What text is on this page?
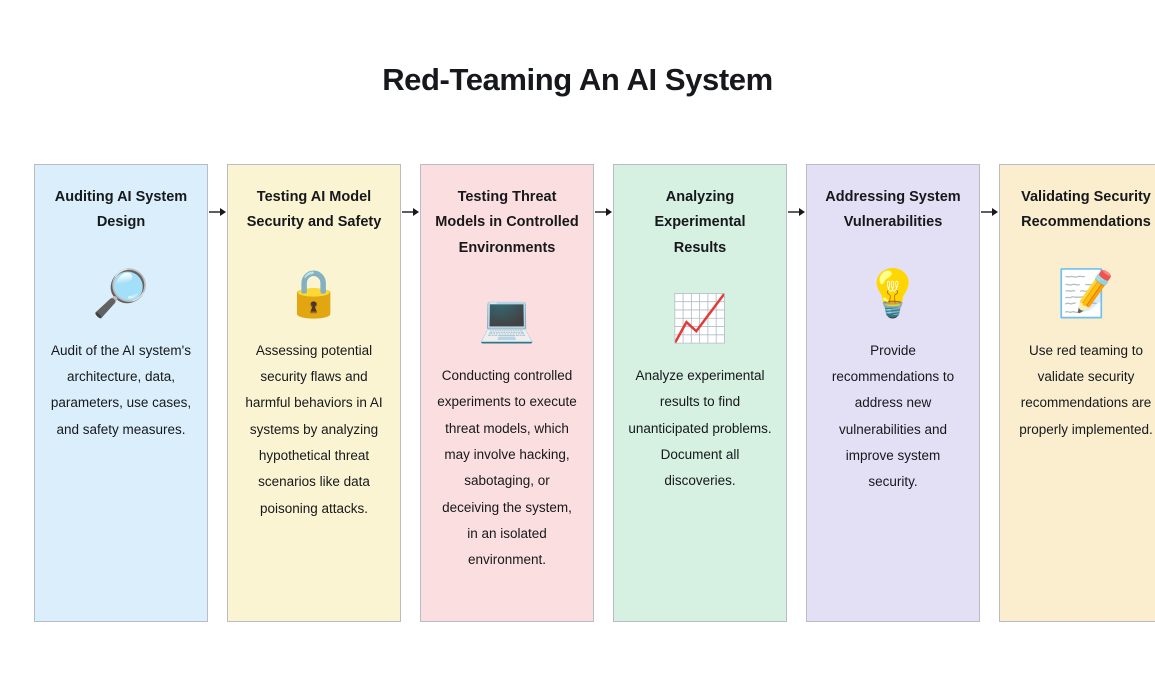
Red-Teaming An AI System
Auditing AI System Design
🔎
Audit of the AI system's architecture, data, parameters, use cases, and safety measures.
Testing AI Model Security and Safety
🔒
Assessing potential security flaws and harmful behaviors in AI systems by analyzing hypothetical threat scenarios like data poisoning attacks.
Testing Threat Models in Controlled Environments
💻
Conducting controlled experiments to execute threat models, which may involve hacking, sabotaging, or deceiving the system, in an isolated environment.
Analyzing Experimental Results
📈
Analyze experimental results to find unanticipated problems. Document all discoveries.
Addressing System Vulnerabilities
💡
Provide recommendations to address new vulnerabilities and improve system security.
Validating Security Recommendations
📝
Use red teaming to validate security recommendations are properly implemented.
